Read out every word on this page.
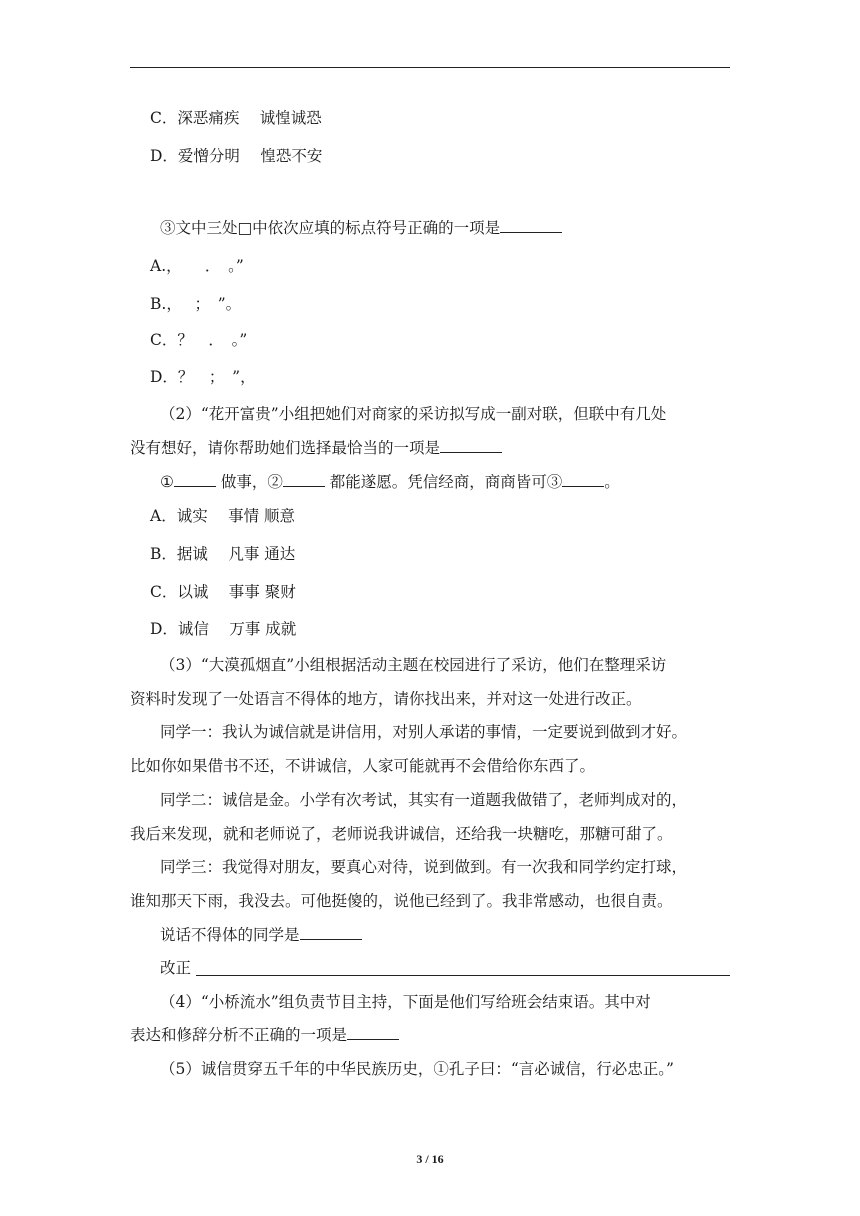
C．深恶痛疾　 诚惶诚恐
D．爱憎分明　 惶恐不安
③文中三处□中依次应填的标点符号正确的一项是
A.，　　．　。”
B.，　 ；　”。
C．？　．　。”
D．？　；　”，
（2）“花开富贵”小组把她们对商家的采访拟写成一副对联，但联中有几处
没有想好，请你帮助她们选择最恰当的一项是
①	做事，②	都能遂愿。凭信经商，商商皆可③	。
A．诚实　 事情 顺意
B．据诚　 凡事 通达
C．以诚　 事事 聚财
D．诚信　 万事 成就
（3）“大漠孤烟直”小组根据活动主题在校园进行了采访，他们在整理采访
资料时发现了一处语言不得体的地方，请你找出来，并对这一处进行改正。
同学一：我认为诚信就是讲信用，对别人承诺的事情，一定要说到做到才好。
比如你如果借书不还，不讲诚信，人家可能就再不会借给你东西了。
同学二：诚信是金。小学有次考试，其实有一道题我做错了，老师判成对的，
我后来发现，就和老师说了，老师说我讲诚信，还给我一块糖吃，那糖可甜了。
同学三：我觉得对朋友，要真心对待，说到做到。有一次我和同学约定打球，
谁知那天下雨，我没去。可他挺傻的，说他已经到了。我非常感动，也很自责。
说话不得体的同学是
改正
（4）“小桥流水”组负责节目主持，下面是他们写给班会结束语。其中对
表达和修辞分析不正确的一项是
（5）诚信贯穿五千年的中华民族历史，①孔子曰：“言必诚信，行必忠正。”
3 / 16
